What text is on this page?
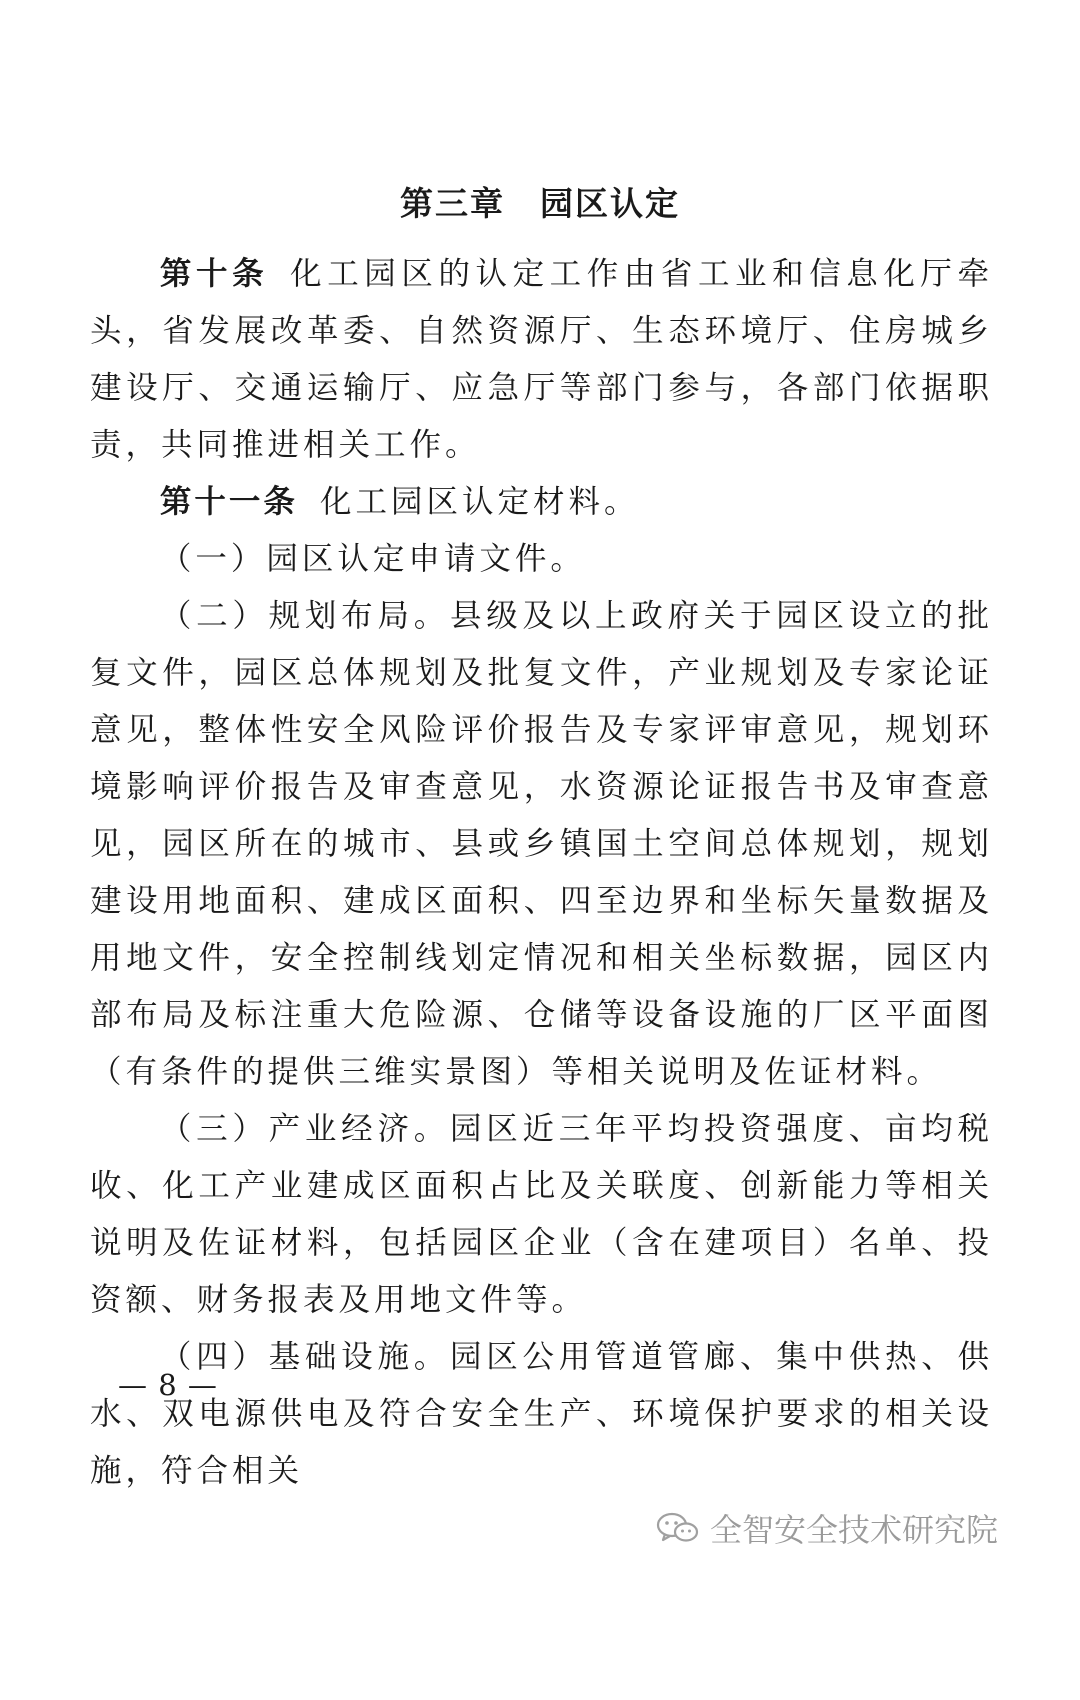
第三章　园区认定

第十条 化工园区的认定工作由省工业和信息化厅牵头，省发展改革委、自然资源厅、生态环境厅、住房城乡建设厅、交通运输厅、应急厅等部门参与，各部门依据职责，共同推进相关工作。

第十一条 化工园区认定材料。

（一）园区认定申请文件。

（二）规划布局。县级及以上政府关于园区设立的批复文件，园区总体规划及批复文件，产业规划及专家论证意见，整体性安全风险评价报告及专家评审意见，规划环境影响评价报告及审查意见，水资源论证报告书及审查意见，园区所在的城市、县或乡镇国土空间总体规划，规划建设用地面积、建成区面积、四至边界和坐标矢量数据及用地文件，安全控制线划定情况和相关坐标数据，园区内部布局及标注重大危险源、仓储等设备设施的厂区平面图（有条件的提供三维实景图）等相关说明及佐证材料。

（三）产业经济。园区近三年平均投资强度、亩均税收、化工产业建成区面积占比及关联度、创新能力等相关说明及佐证材料，包括园区企业（含在建项目）名单、投资额、财务报表及用地文件等。

（四）基础设施。园区公用管道管廊、集中供热、供水、双电源供电及符合安全生产、环境保护要求的相关设施，符合相关

— 8 —
全智安全技术研究院
